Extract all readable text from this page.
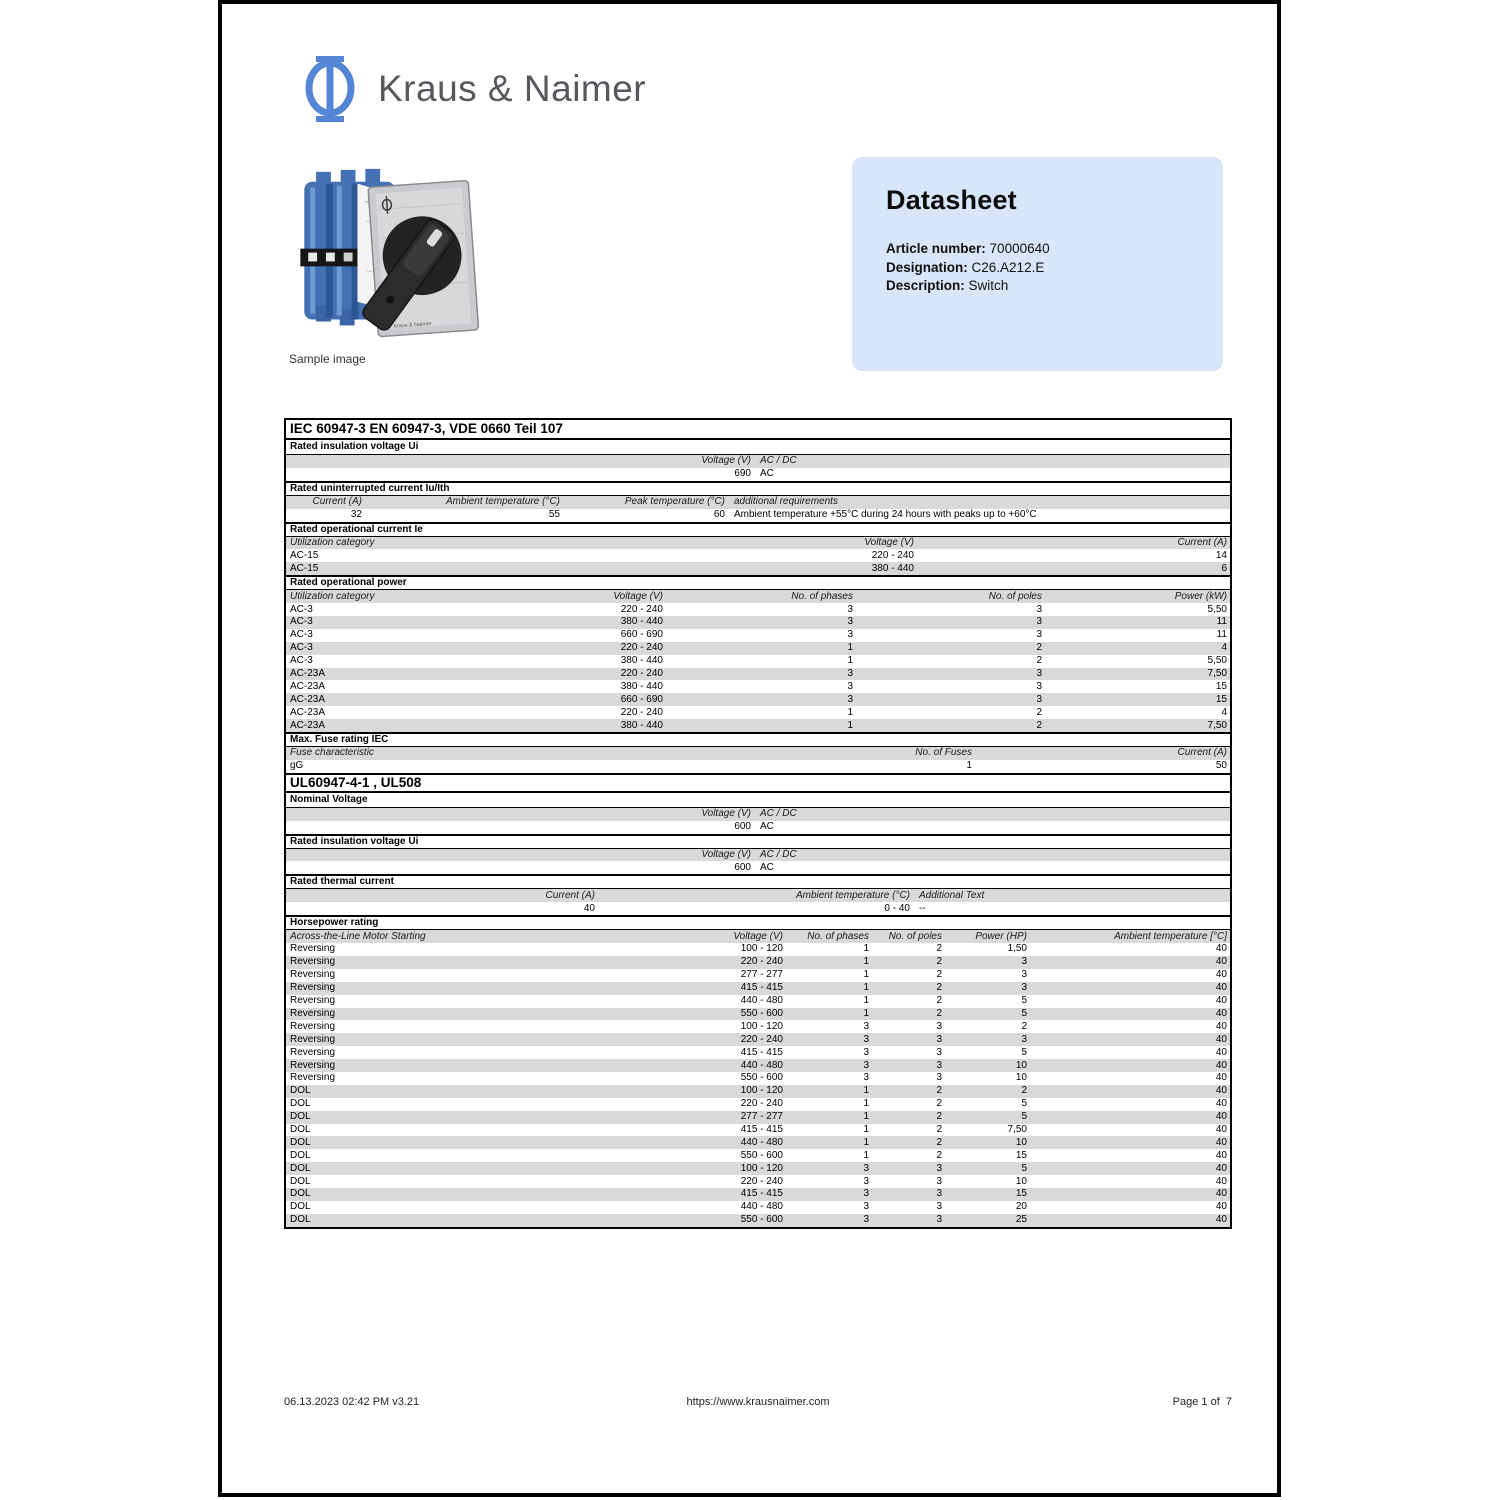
Kraus & Naimer
Kraus & Naimer
Sample image
Datasheet
Article number: 70000640
Designation: C26.A212.E
Description: Switch
IEC 60947-3 EN 60947-3, VDE 0660 Teil 107
Rated insulation voltage Ui
Voltage (V) AC / DC
690 AC
Rated uninterrupted current Iu/Ith
Current (A)	Ambient temperature (°C)	Peak temperature (°C) additional requirements
32	55	60 Ambient temperature +55°C during 24 hours with peaks up to +60°C
Rated operational current Ie
Utilization category	Voltage (V)	Current (A)
AC-15	220 - 240	14
AC-15	380 - 440	6
Rated operational power
Utilization category	Voltage (V)	No. of phases	No. of poles	Power (kW)
AC-3	220 - 240	3	3	5,50
AC-3	380 - 440	3	3	11
AC-3	660 - 690	3	3	11
AC-3	220 - 240	1	2	4
AC-3	380 - 440	1	2	5,50
AC-23A	220 - 240	3	3	7,50
AC-23A	380 - 440	3	3	15
AC-23A	660 - 690	3	3	15
AC-23A	220 - 240	1	2	4
AC-23A	380 - 440	1	2	7,50
Max. Fuse rating IEC
Fuse characteristic	No. of Fuses	Current (A)
gG	1	50
UL60947-4-1 , UL508
Nominal Voltage
Voltage (V) AC / DC
600 AC
Rated insulation voltage Ui
Voltage (V) AC / DC
600 AC
Rated thermal current
Current (A)	Ambient temperature (°C) Additional Text
40	0 - 40 --
Horsepower rating
Across-the-Line Motor Starting	Voltage (V)	No. of phases	No. of poles	Power (HP)	Ambient temperature [°C]
Reversing	100 - 120	1	2	1,50	40
Reversing	220 - 240	1	2	3	40
Reversing	277 - 277	1	2	3	40
Reversing	415 - 415	1	2	3	40
Reversing	440 - 480	1	2	5	40
Reversing	550 - 600	1	2	5	40
Reversing	100 - 120	3	3	2	40
Reversing	220 - 240	3	3	3	40
Reversing	415 - 415	3	3	5	40
Reversing	440 - 480	3	3	10	40
Reversing	550 - 600	3	3	10	40
DOL	100 - 120	1	2	2	40
DOL	220 - 240	1	2	5	40
DOL	277 - 277	1	2	5	40
DOL	415 - 415	1	2	7,50	40
DOL	440 - 480	1	2	10	40
DOL	550 - 600	1	2	15	40
DOL	100 - 120	3	3	5	40
DOL	220 - 240	3	3	10	40
DOL	415 - 415	3	3	15	40
DOL	440 - 480	3	3	20	40
DOL	550 - 600	3	3	25	40
06.13.2023 02:42 PM v3.21	https://www.krausnaimer.com	Page 1 of  7
